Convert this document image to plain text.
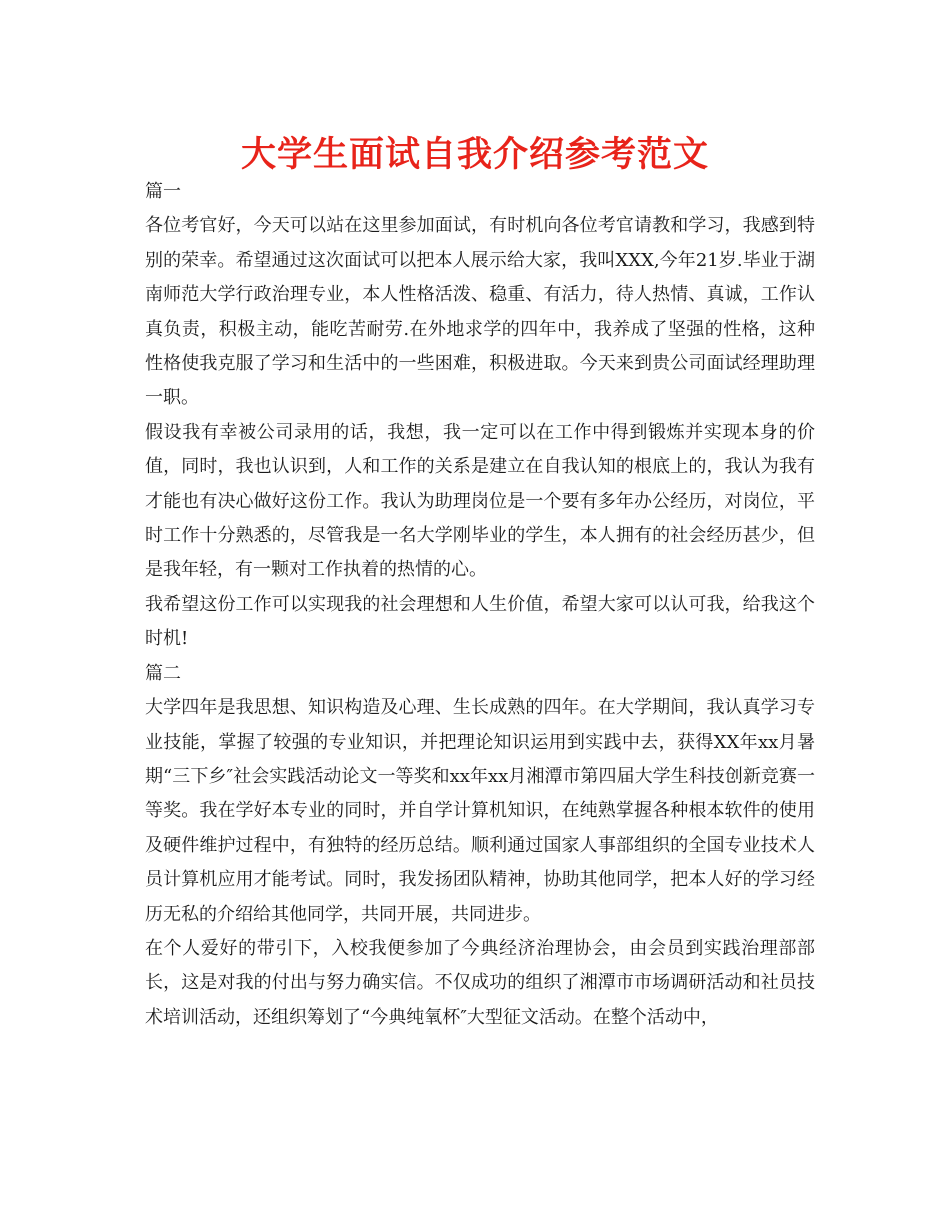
大学生面试自我介绍参考范文
篇一

各位考官好，今天可以站在这里参加面试，有时机向各位考官请教和学习，我感到特别的荣幸。希望通过这次面试可以把本人展示给大家，我叫XXX,今年21岁.毕业于湖南师范大学行政治理专业，本人性格活泼、稳重、有活力，待人热情、真诚，工作认真负责，积极主动，能吃苦耐劳.在外地求学的四年中，我养成了坚强的性格，这种性格使我克服了学习和生活中的一些困难，积极进取。今天来到贵公司面试经理助理一职。

假设我有幸被公司录用的话，我想，我一定可以在工作中得到锻炼并实现本身的价值，同时，我也认识到，人和工作的关系是建立在自我认知的根底上的，我认为我有才能也有决心做好这份工作。我认为助理岗位是一个要有多年办公经历，对岗位，平时工作十分熟悉的，尽管我是一名大学刚毕业的学生，本人拥有的社会经历甚少，但是我年轻，有一颗对工作执着的热情的心。

我希望这份工作可以实现我的社会理想和人生价值，希望大家可以认可我，给我这个时机!

篇二

大学四年是我思想、知识构造及心理、生长成熟的四年。在大学期间，我认真学习专业技能，掌握了较强的专业知识，并把理论知识运用到实践中去，获得XX年xx月暑期“三下乡″社会实践活动论文一等奖和xx年xx月湘潭市第四届大学生科技创新竞赛一等奖。我在学好本专业的同时，并自学计算机知识，在纯熟掌握各种根本软件的使用及硬件维护过程中，有独特的经历总结。顺利通过国家人事部组织的全国专业技术人员计算机应用才能考试。同时，我发扬团队精神，协助其他同学，把本人好的学习经历无私的介绍给其他同学，共同开展，共同进步。

在个人爱好的带引下，入校我便参加了今典经济治理协会，由会员到实践治理部部长，这是对我的付出与努力确实信。不仅成功的组织了湘潭市市场调研活动和社员技术培训活动，还组织筹划了“今典纯氧杯″大型征文活动。在整个活动中，
